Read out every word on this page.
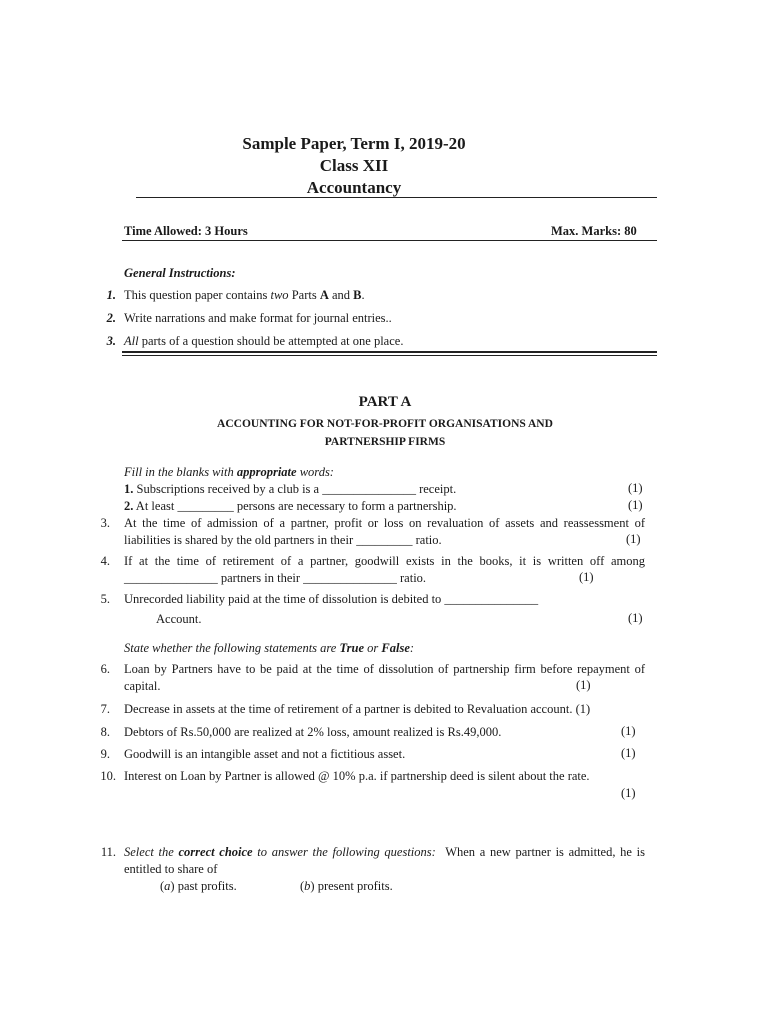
Sample Paper, Term I, 2019-20
Class XII
Accountancy
Time Allowed: 3 Hours	Max. Marks: 80
General Instructions:
1. This question paper contains two Parts A and B.
2. Write narrations and make format for journal entries..
3. All parts of a question should be attempted at one place.
PART A
ACCOUNTING FOR NOT-FOR-PROFIT ORGANISATIONS AND
PARTNERSHIP FIRMS
Fill in the blanks with appropriate words:
1. Subscriptions received by a club is a _______________ receipt.	(1)
2. At least _________ persons are necessary to form a partnership.	(1)
3. At the time of admission of a partner, profit or loss on revaluation of assets and reassessment of
liabilities is shared by the old partners in their _________ ratio.	(1)
4. If at the time of retirement of a partner, goodwill exists in the books, it is written off among
_______________ partners in their _______________ ratio.	(1)
5. Unrecorded liability paid at the time of dissolution is debited to _______________
Account.	(1)
State whether the following statements are True or False:
6. Loan by Partners have to be paid at the time of dissolution of partnership firm before repayment of
capital.	(1)
7. Decrease in assets at the time of retirement of a partner is debited to Revaluation account. (1)
8. Debtors of Rs.50,000 are realized at 2% loss, amount realized is Rs.49,000.	(1)
9. Goodwill is an intangible asset and not a fictitious asset.	(1)
10. Interest on Loan by Partner is allowed @ 10% p.a. if partnership deed is silent about the rate.
(1)
11. Select the correct choice to answer the following questions: When a new partner is admitted, he is
entitled to share of
(a) past profits.	(b) present profits.
